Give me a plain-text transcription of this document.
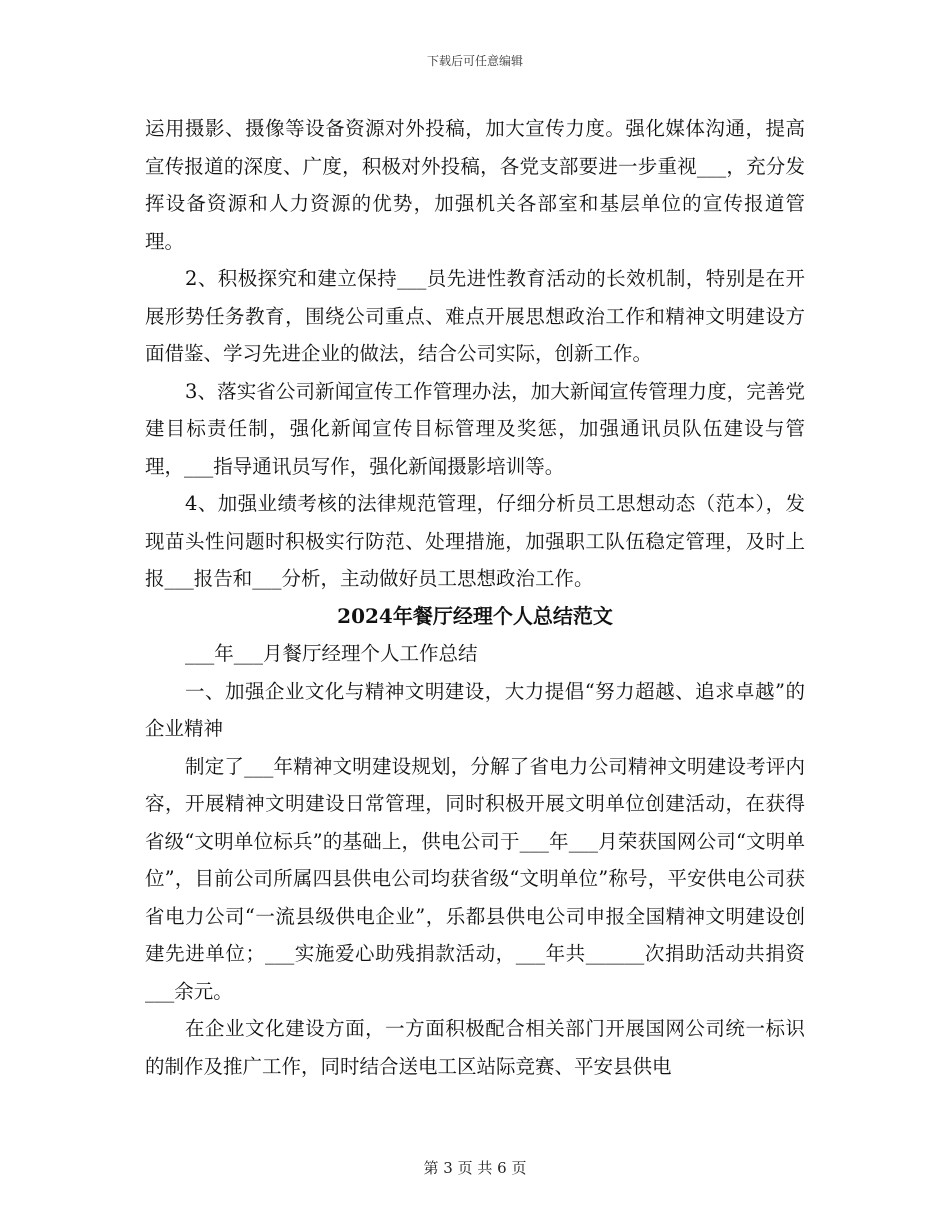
下载后可任意编辑

运用摄影、摄像等设备资源对外投稿，加大宣传力度。强化媒体沟通，提高宣传报道的深度、广度，积极对外投稿，各党支部要进一步重视___，充分发挥设备资源和人力资源的优势，加强机关各部室和基层单位的宣传报道管理。

2、积极探究和建立保持___员先进性教育活动的长效机制，特别是在开展形势任务教育，围绕公司重点、难点开展思想政治工作和精神文明建设方面借鉴、学习先进企业的做法，结合公司实际，创新工作。

3、落实省公司新闻宣传工作管理办法，加大新闻宣传管理力度，完善党建目标责任制，强化新闻宣传目标管理及奖惩，加强通讯员队伍建设与管理，___指导通讯员写作，强化新闻摄影培训等。

4、加强业绩考核的法律规范管理，仔细分析员工思想动态（范本），发现苗头性问题时积极实行防范、处理措施，加强职工队伍稳定管理，及时上报___报告和___分析，主动做好员工思想政治工作。

2024年餐厅经理个人总结范文

___年___月餐厅经理个人工作总结

一、加强企业文化与精神文明建设，大力提倡“努力超越、追求卓越”的企业精神

制定了___年精神文明建设规划，分解了省电力公司精神文明建设考评内容，开展精神文明建设日常管理，同时积极开展文明单位创建活动，在获得省级“文明单位标兵”的基础上，供电公司于___年___月荣获国网公司“文明单位”，目前公司所属四县供电公司均获省级“文明单位”称号，平安供电公司获省电力公司“一流县级供电企业”，乐都县供电公司申报全国精神文明建设创建先进单位；___实施爱心助残捐款活动，___年共______次捐助活动共捐资___余元。

在企业文化建设方面，一方面积极配合相关部门开展国网公司统一标识的制作及推广工作，同时结合送电工区站际竞赛、平安县供电

第 3 页 共 6 页
